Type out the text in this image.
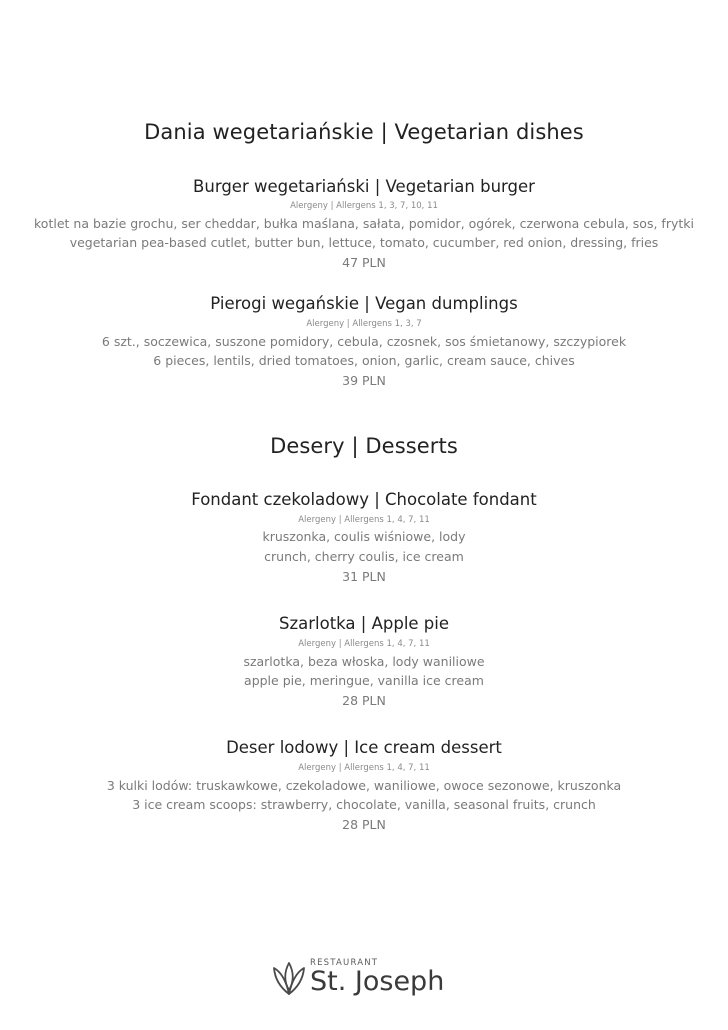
Dania wegetariańskie | Vegetarian dishes
Burger wegetariański | Vegetarian burger
Alergeny | Allergens 1, 3, 7, 10, 11
kotlet na bazie grochu, ser cheddar, bułka maślana, sałata, pomidor, ogórek, czerwona cebula, sos, frytki
vegetarian pea-based cutlet, butter bun, lettuce, tomato, cucumber, red onion, dressing, fries
47 PLN
Pierogi wegańskie | Vegan dumplings
Alergeny | Allergens 1, 3, 7
6 szt., soczewica, suszone pomidory, cebula, czosnek, sos śmietanowy, szczypiorek
6 pieces, lentils, dried tomatoes, onion, garlic, cream sauce, chives
39 PLN
Desery | Desserts
Fondant czekoladowy | Chocolate fondant
Alergeny | Allergens 1, 4, 7, 11
kruszonka, coulis wiśniowe, lody
crunch, cherry coulis, ice cream
31 PLN
Szarlotka | Apple pie
Alergeny | Allergens 1, 4, 7, 11
szarlotka, beza włoska, lody waniliowe
apple pie, meringue, vanilla ice cream
28 PLN
Deser lodowy | Ice cream dessert
Alergeny | Allergens 1, 4, 7, 11
3 kulki lodów: truskawkowe, czekoladowe, waniliowe, owoce sezonowe, kruszonka
3 ice cream scoops: strawberry, chocolate, vanilla, seasonal fruits, crunch
28 PLN
RESTAURANT
St. Joseph
